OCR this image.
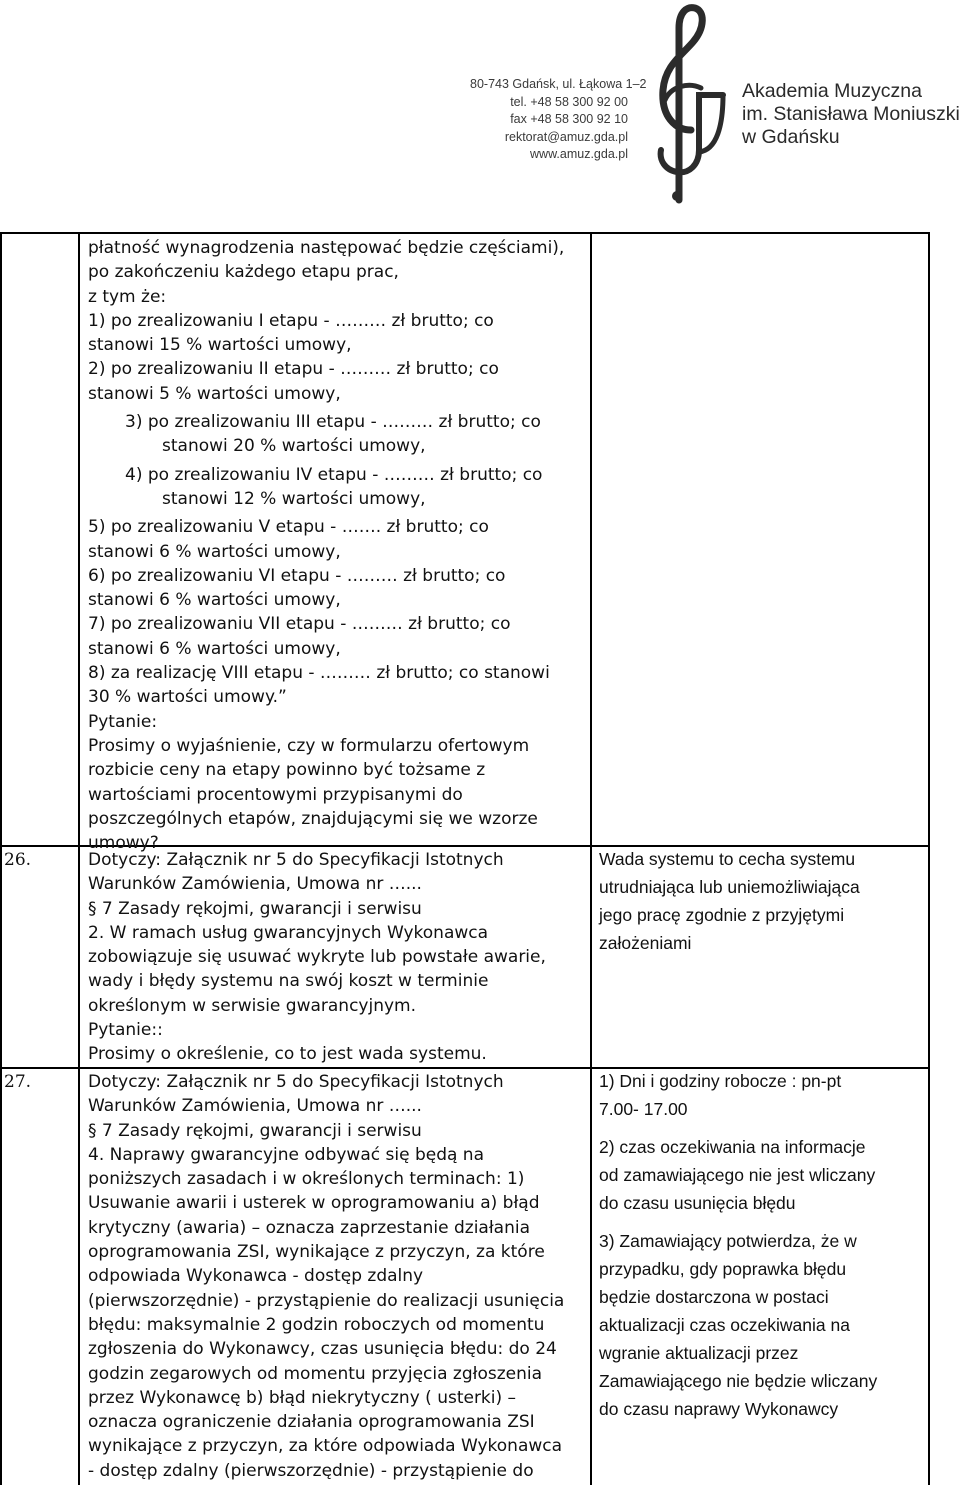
80-743 Gdańsk, ul. Łąkowa 1–2
tel. +48 58 300 92 00
fax +48 58 300 92 10
rektorat@amuz.gda.pl
www.amuz.gda.pl
Akademia Muzyczna
im. Stanisława Moniuszki
w Gdańsku
płatność wynagrodzenia następować będzie częściami),
po zakończeniu każdego etapu prac,
z tym że:
1) po zrealizowaniu I etapu - ……… zł brutto; co
stanowi 15 % wartości umowy,
2) po zrealizowaniu II etapu - ……… zł brutto; co
stanowi 5 % wartości umowy,
3) po zrealizowaniu III etapu - ……… zł brutto; co
stanowi 20 % wartości umowy,
4) po zrealizowaniu IV etapu - ……… zł brutto; co
stanowi 12 % wartości umowy,
5) po zrealizowaniu V etapu - ……. zł brutto; co
stanowi 6 % wartości umowy,
6) po zrealizowaniu VI etapu - ……… zł brutto; co
stanowi 6 % wartości umowy,
7) po zrealizowaniu VII etapu - ……… zł brutto; co
stanowi 6 % wartości umowy,
8) za realizację VIII etapu - ……… zł brutto; co stanowi
30 % wartości umowy.”
Pytanie:
Prosimy o wyjaśnienie, czy w formularzu ofertowym
rozbicie ceny na etapy powinno być tożsame z
wartościami procentowymi przypisanymi do
poszczególnych etapów, znajdującymi się we wzorze
umowy?
26.	Dotyczy: Załącznik nr 5 do Specyfikacji Istotnych
Warunków Zamówienia, Umowa nr …...
§ 7 Zasady rękojmi, gwarancji i serwisu
2. W ramach usług gwarancyjnych Wykonawca
zobowiązuje się usuwać wykryte lub powstałe awarie,
wady i błędy systemu na swój koszt w terminie
określonym w serwisie gwarancyjnym.
Pytanie::
Prosimy o określenie, co to jest wada systemu.
Wada systemu to cecha systemu
utrudniająca lub uniemożliwiająca
jego pracę zgodnie z przyjętymi
założeniami
27.	Dotyczy: Załącznik nr 5 do Specyfikacji Istotnych
Warunków Zamówienia, Umowa nr …...
§ 7 Zasady rękojmi, gwarancji i serwisu
4. Naprawy gwarancyjne odbywać się będą na
poniższych zasadach i w określonych terminach: 1)
Usuwanie awarii i usterek w oprogramowaniu a) błąd
krytyczny (awaria) – oznacza zaprzestanie działania
oprogramowania ZSI, wynikające z przyczyn, za które
odpowiada Wykonawca - dostęp zdalny
(pierwszorzędnie) - przystąpienie do realizacji usunięcia
błędu: maksymalnie 2 godzin roboczych od momentu
zgłoszenia do Wykonawcy, czas usunięcia błędu: do 24
godzin zegarowych od momentu przyjęcia zgłoszenia
przez Wykonawcę b) błąd niekrytyczny ( usterki) –
oznacza ograniczenie działania oprogramowania ZSI
wynikające z przyczyn, za które odpowiada Wykonawca
- dostęp zdalny (pierwszorzędnie) - przystąpienie do
1) Dni i godziny robocze : pn-pt
7.00- 17.00
2) czas oczekiwania na informacje
od zamawiającego nie jest wliczany
do czasu usunięcia błędu
3) Zamawiający potwierdza, że w
przypadku, gdy poprawka błędu
będzie dostarczona w postaci
aktualizacji czas oczekiwania na
wgranie aktualizacji przez
Zamawiającego nie będzie wliczany
do czasu naprawy Wykonawcy
